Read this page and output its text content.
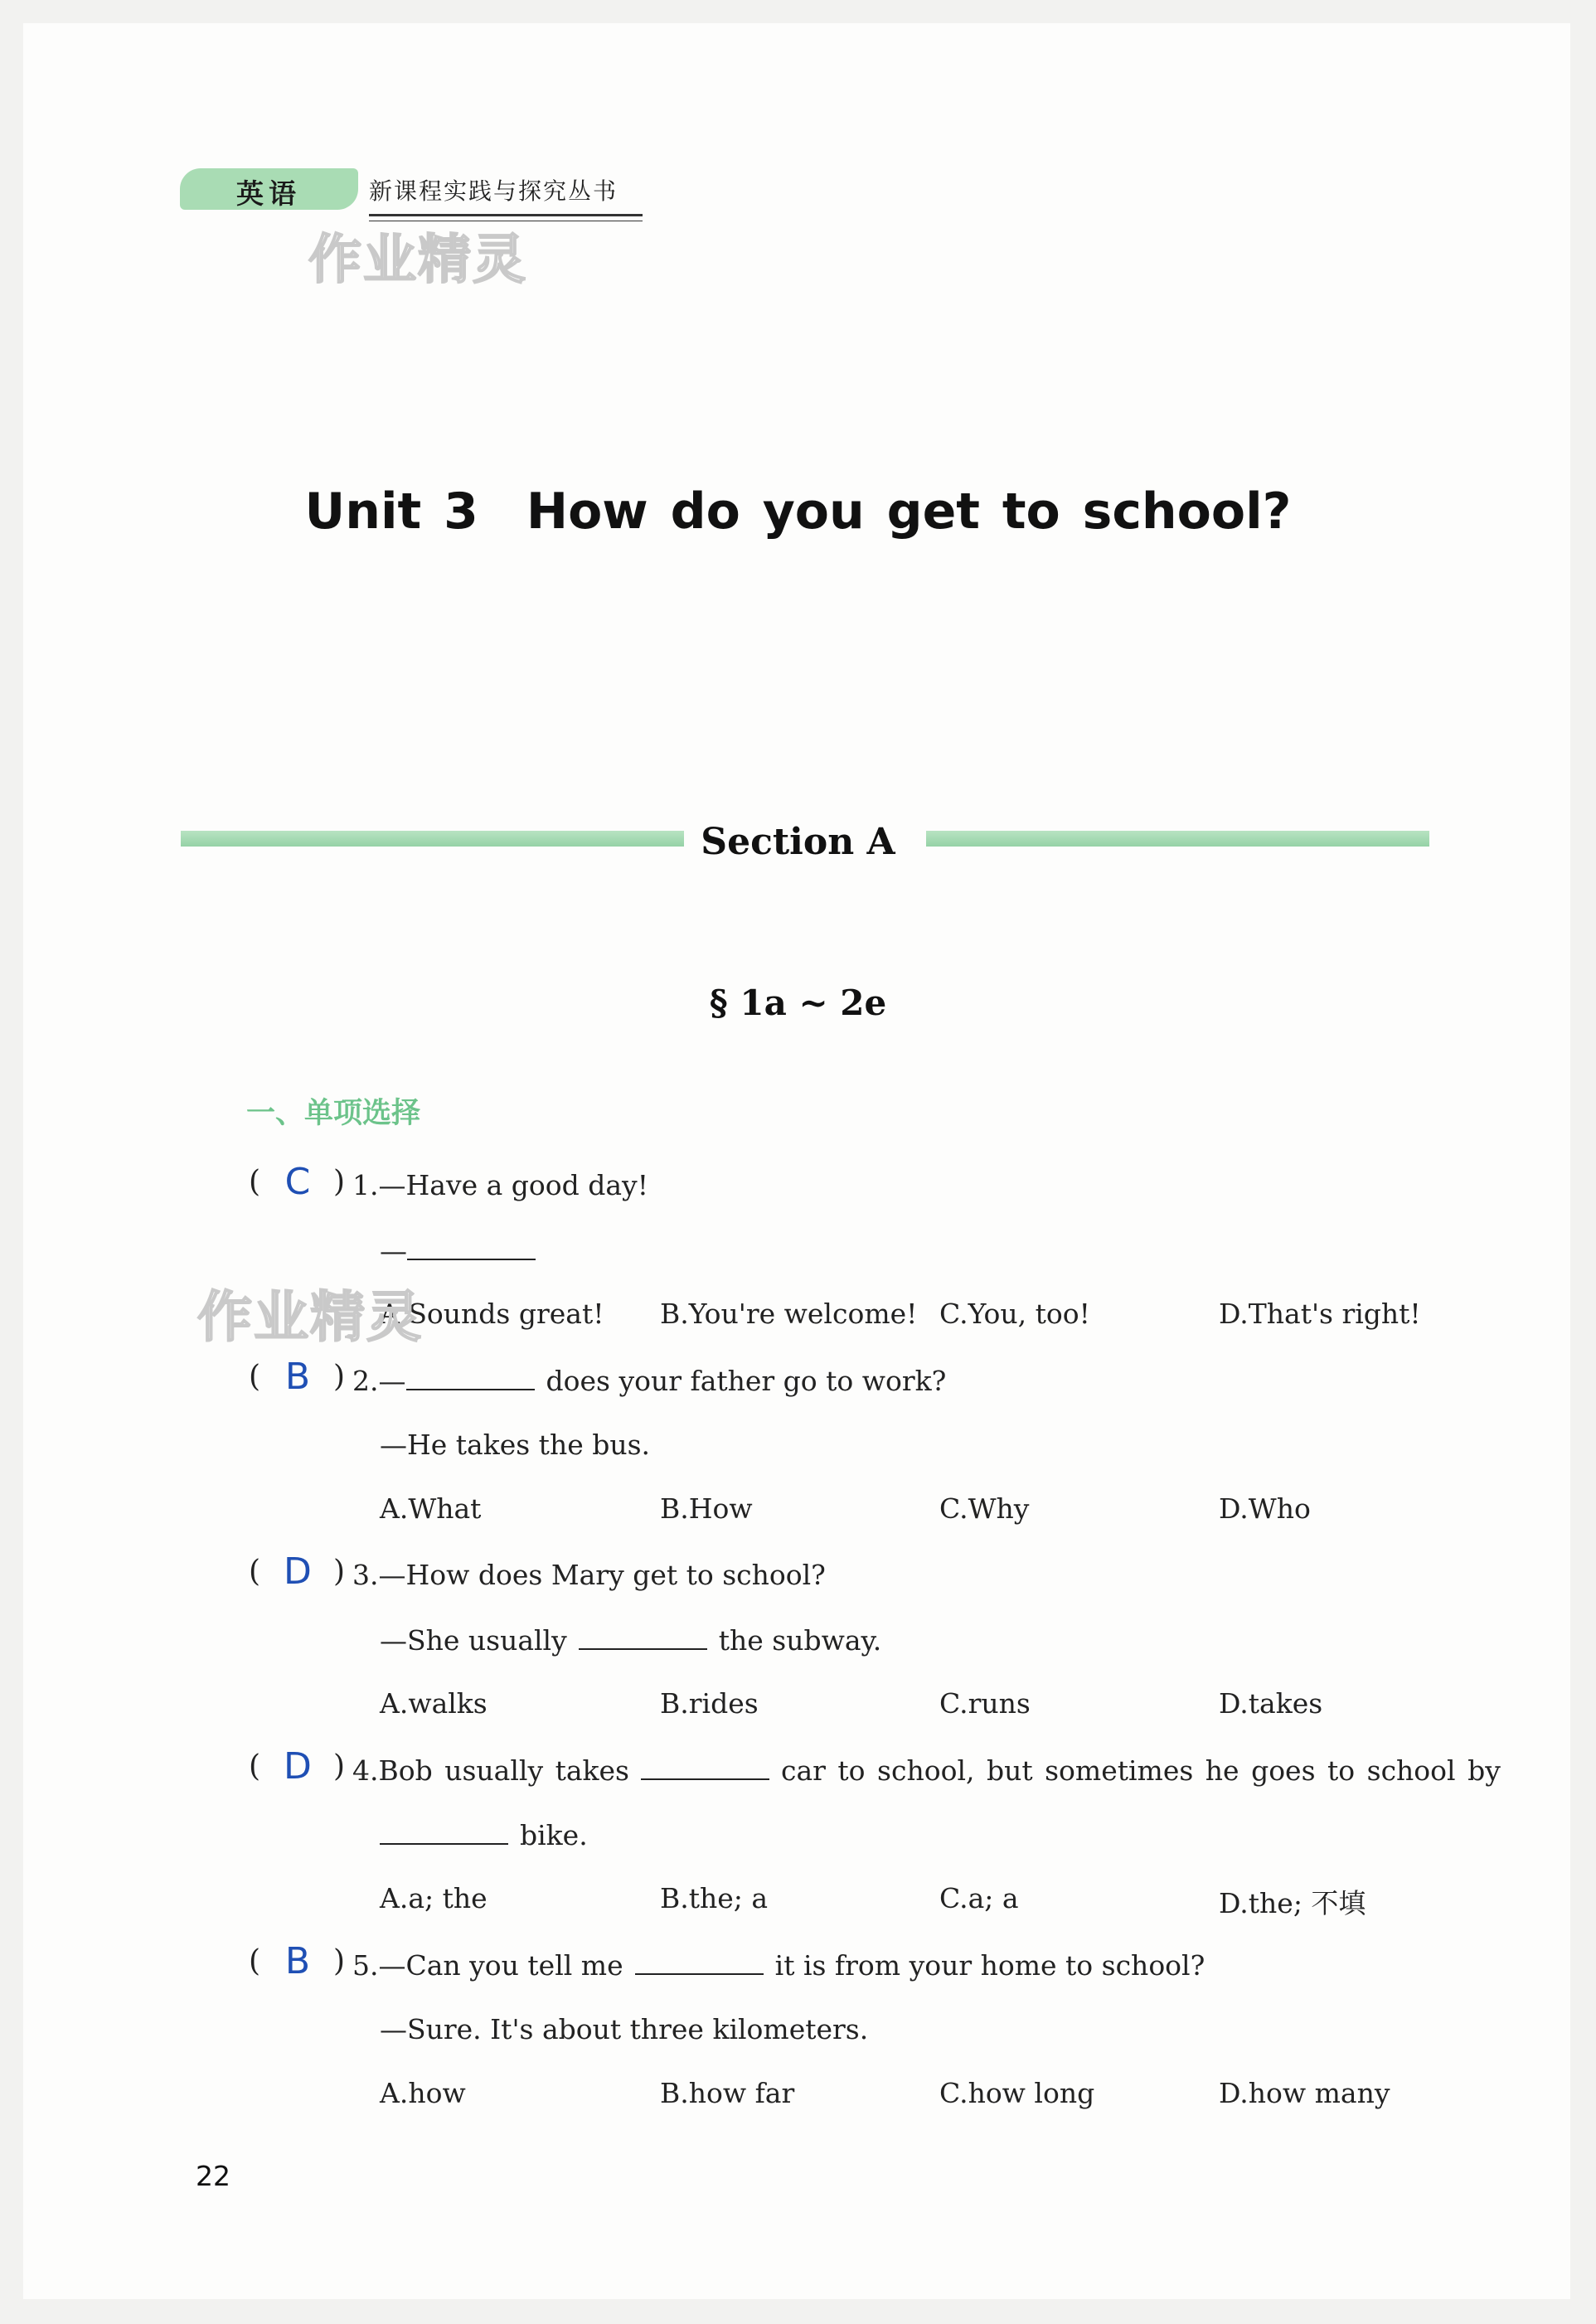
英语	新课程实践与探究丛书
作业精灵
Unit 3 How do you get to school?
Section A
§ 1a ~ 2e
一、单项选择
( C ) 1.—Have a good day!
—
A.Sounds great! B.You're welcome! C.You, too!	D.That's right!
作业精灵
( B ) 2.—	does your father go to work?
—He takes the bus.
A.What	B.How	C.Why	D.Who
( D ) 3.—How does Mary get to school?
—She usually	the subway.
A.walks	B.rides	C.runs	D.takes
( D ) 4.Bob usually takes	car to school, but sometimes he goes to school by
bike.
A.a; the	B.the; a	C.a; a	D.the; 不填
( B ) 5.—Can you tell me	it is from your home to school?
—Sure. It's about three kilometers.
A.how	B.how far	C.how long	D.how many
22
